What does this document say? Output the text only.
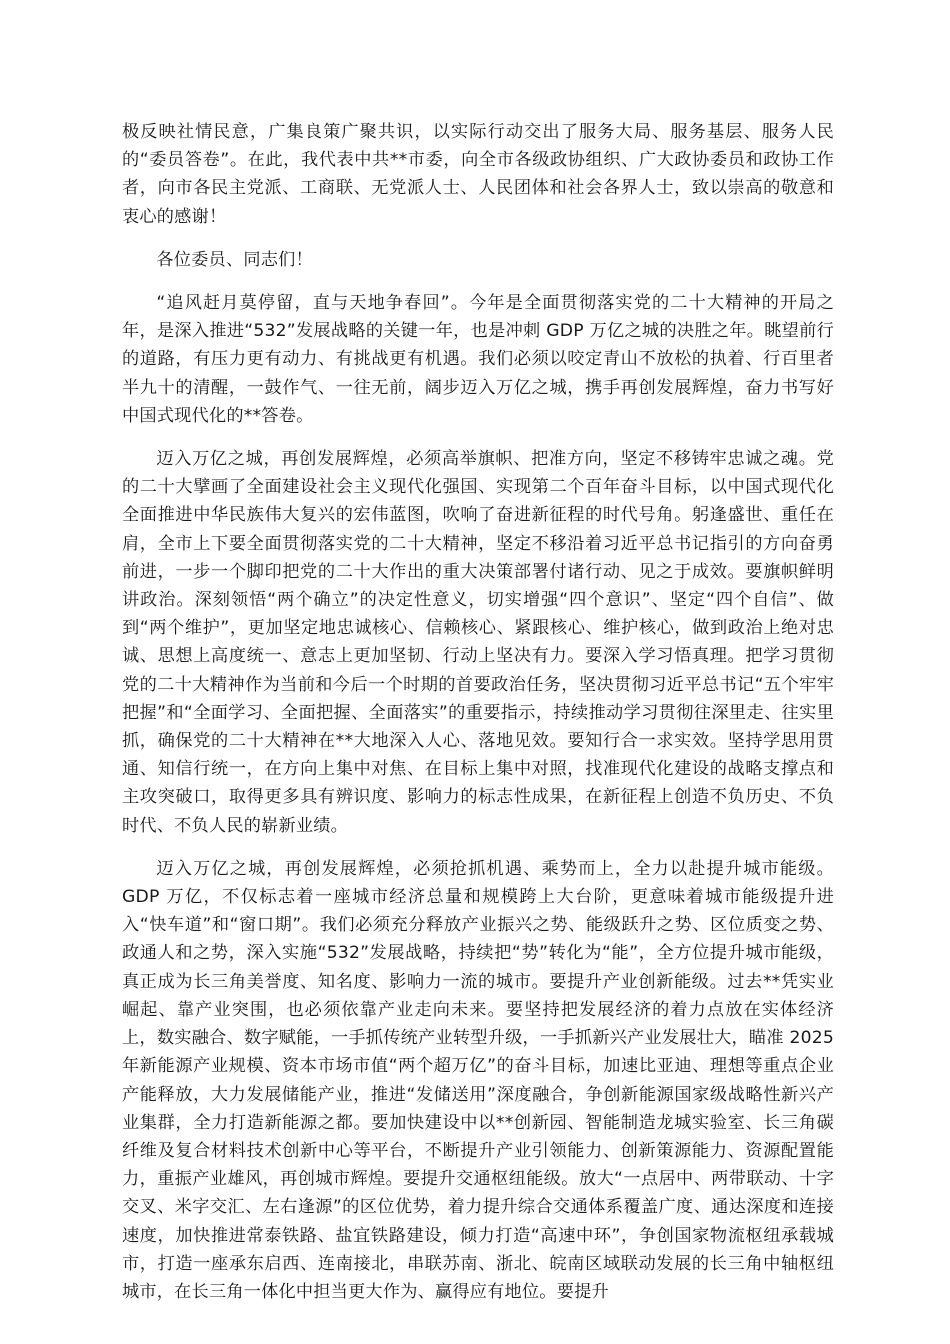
极反映社情民意，广集良策广聚共识，以实际行动交出了服务大局、服务基层、服务人民的“委员答卷”。在此，我代表中共**市委，向全市各级政协组织、广大政协委员和政协工作者，向市各民主党派、工商联、无党派人士、人民团体和社会各界人士，致以崇高的敬意和衷心的感谢！

各位委员、同志们！

“追风赶月莫停留，直与天地争春回”。今年是全面贯彻落实党的二十大精神的开局之年，是深入推进“532”发展战略的关键一年，也是冲刺 GDP 万亿之城的决胜之年。眺望前行的道路，有压力更有动力、有挑战更有机遇。我们必须以咬定青山不放松的执着、行百里者半九十的清醒，一鼓作气、一往无前，阔步迈入万亿之城，携手再创发展辉煌，奋力书写好中国式现代化的**答卷。

迈入万亿之城，再创发展辉煌，必须高举旗帜、把准方向，坚定不移铸牢忠诚之魂。党的二十大擘画了全面建设社会主义现代化强国、实现第二个百年奋斗目标，以中国式现代化全面推进中华民族伟大复兴的宏伟蓝图，吹响了奋进新征程的时代号角。躬逢盛世、重任在肩，全市上下要全面贯彻落实党的二十大精神，坚定不移沿着习近平总书记指引的方向奋勇前进，一步一个脚印把党的二十大作出的重大决策部署付诸行动、见之于成效。要旗帜鲜明讲政治。深刻领悟“两个确立”的决定性意义，切实增强“四个意识”、坚定“四个自信”、做到“两个维护”，更加坚定地忠诚核心、信赖核心、紧跟核心、维护核心，做到政治上绝对忠诚、思想上高度统一、意志上更加坚韧、行动上坚决有力。要深入学习悟真理。把学习贯彻党的二十大精神作为当前和今后一个时期的首要政治任务，坚决贯彻习近平总书记“五个牢牢把握”和“全面学习、全面把握、全面落实”的重要指示，持续推动学习贯彻往深里走、往实里抓，确保党的二十大精神在**大地深入人心、落地见效。要知行合一求实效。坚持学思用贯通、知信行统一，在方向上集中对焦、在目标上集中对照，找准现代化建设的战略支撑点和主攻突破口，取得更多具有辨识度、影响力的标志性成果，在新征程上创造不负历史、不负时代、不负人民的崭新业绩。

迈入万亿之城，再创发展辉煌，必须抢抓机遇、乘势而上，全力以赴提升城市能级。GDP 万亿，不仅标志着一座城市经济总量和规模跨上大台阶，更意味着城市能级提升进入“快车道”和“窗口期”。我们必须充分释放产业振兴之势、能级跃升之势、区位质变之势、政通人和之势，深入实施“532”发展战略，持续把“势”转化为“能”，全方位提升城市能级，真正成为长三角美誉度、知名度、影响力一流的城市。要提升产业创新能级。过去**凭实业崛起、靠产业突围，也必须依靠产业走向未来。要坚持把发展经济的着力点放在实体经济上，数实融合、数字赋能，一手抓传统产业转型升级，一手抓新兴产业发展壮大，瞄准 2025 年新能源产业规模、资本市场市值“两个超万亿”的奋斗目标，加速比亚迪、理想等重点企业产能释放，大力发展储能产业，推进“发储送用”深度融合，争创新能源国家级战略性新兴产业集群，全力打造新能源之都。要加快建设中以**创新园、智能制造龙城实验室、长三角碳纤维及复合材料技术创新中心等平台，不断提升产业引领能力、创新策源能力、资源配置能力，重振产业雄风，再创城市辉煌。要提升交通枢纽能级。放大“一点居中、两带联动、十字交叉、米字交汇、左右逢源”的区位优势，着力提升综合交通体系覆盖广度、通达深度和连接速度，加快推进常泰铁路、盐宜铁路建设，倾力打造“高速中环”，争创国家物流枢纽承载城市，打造一座承东启西、连南接北，串联苏南、浙北、皖南区域联动发展的长三角中轴枢纽城市，在长三角一体化中担当更大作为、赢得应有地位。要提升
